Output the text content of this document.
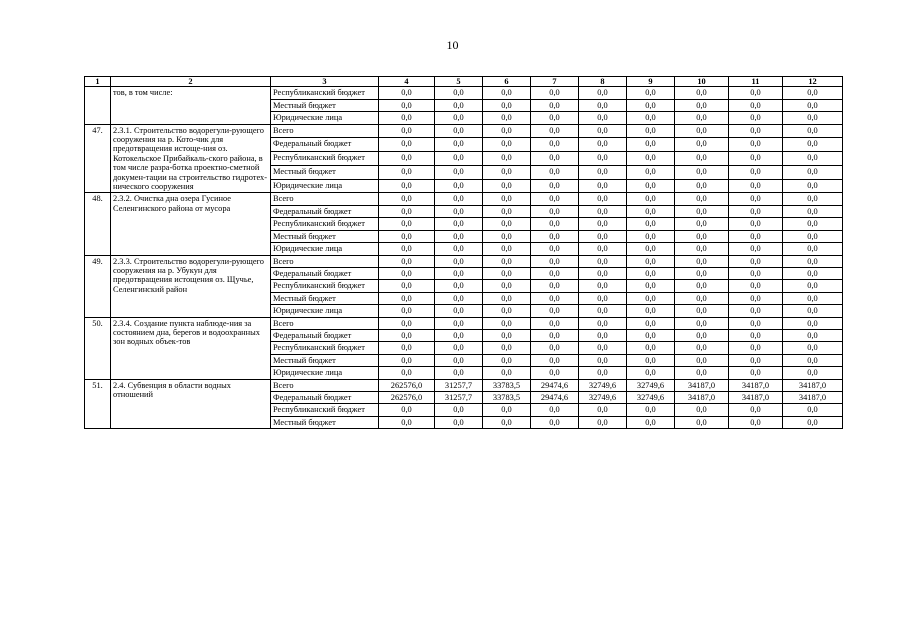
10
1	2	3	4	5	6	7	8	9	10	11	12
	тов, в том числе:	Республиканский бюджет	0,0	0,0	0,0	0,0	0,0	0,0	0,0	0,0	0,0
		Местный бюджет	0,0	0,0	0,0	0,0	0,0	0,0	0,0	0,0	0,0
		Юридические лица	0,0	0,0	0,0	0,0	0,0	0,0	0,0	0,0	0,0
47.	2.3.1. Строительство водорегули-рующего сооружения на р. Кото-чик для предотвращения истоще-ния оз. Котокельское Прибайкаль-ского района, в том числе разра-ботка проектно-сметной докумен-тации на строительство гидротех-нического сооружения	Всего	0,0	0,0	0,0	0,0	0,0	0,0	0,0	0,0	0,0
		Федеральный бюджет	0,0	0,0	0,0	0,0	0,0	0,0	0,0	0,0	0,0
		Республиканский бюджет	0,0	0,0	0,0	0,0	0,0	0,0	0,0	0,0	0,0
		Местный бюджет	0,0	0,0	0,0	0,0	0,0	0,0	0,0	0,0	0,0
		Юридические лица	0,0	0,0	0,0	0,0	0,0	0,0	0,0	0,0	0,0
48.	2.3.2. Очистка дна озера Гусиное Селенгинского района от мусора	Всего	0,0	0,0	0,0	0,0	0,0	0,0	0,0	0,0	0,0
		Федеральный бюджет	0,0	0,0	0,0	0,0	0,0	0,0	0,0	0,0	0,0
		Республиканский бюджет	0,0	0,0	0,0	0,0	0,0	0,0	0,0	0,0	0,0
		Местный бюджет	0,0	0,0	0,0	0,0	0,0	0,0	0,0	0,0	0,0
		Юридические лица	0,0	0,0	0,0	0,0	0,0	0,0	0,0	0,0	0,0
49.	2.3.3. Строительство водорегули-рующего сооружения на р. Убукун для предотвращения истощения оз. Щучье, Селенгинский район	Всего	0,0	0,0	0,0	0,0	0,0	0,0	0,0	0,0	0,0
		Федеральный бюджет	0,0	0,0	0,0	0,0	0,0	0,0	0,0	0,0	0,0
		Республиканский бюджет	0,0	0,0	0,0	0,0	0,0	0,0	0,0	0,0	0,0
		Местный бюджет	0,0	0,0	0,0	0,0	0,0	0,0	0,0	0,0	0,0
		Юридические лица	0,0	0,0	0,0	0,0	0,0	0,0	0,0	0,0	0,0
50.	2.3.4. Создание пункта наблюде-ния за состоянием дна, берегов и водоохранных зон водных объек-тов	Всего	0,0	0,0	0,0	0,0	0,0	0,0	0,0	0,0	0,0
		Федеральный бюджет	0,0	0,0	0,0	0,0	0,0	0,0	0,0	0,0	0,0
		Республиканский бюджет	0,0	0,0	0,0	0,0	0,0	0,0	0,0	0,0	0,0
		Местный бюджет	0,0	0,0	0,0	0,0	0,0	0,0	0,0	0,0	0,0
		Юридические лица	0,0	0,0	0,0	0,0	0,0	0,0	0,0	0,0	0,0
51.	2.4. Субвенция в области водных отношений	Всего	262576,0	31257,7	33783,5	29474,6	32749,6	32749,6	34187,0	34187,0	34187,0
		Федеральный бюджет	262576,0	31257,7	33783,5	29474,6	32749,6	32749,6	34187,0	34187,0	34187,0
		Республиканский бюджет	0,0	0,0	0,0	0,0	0,0	0,0	0,0	0,0	0,0
		Местный бюджет	0,0	0,0	0,0	0,0	0,0	0,0	0,0	0,0	0,0
